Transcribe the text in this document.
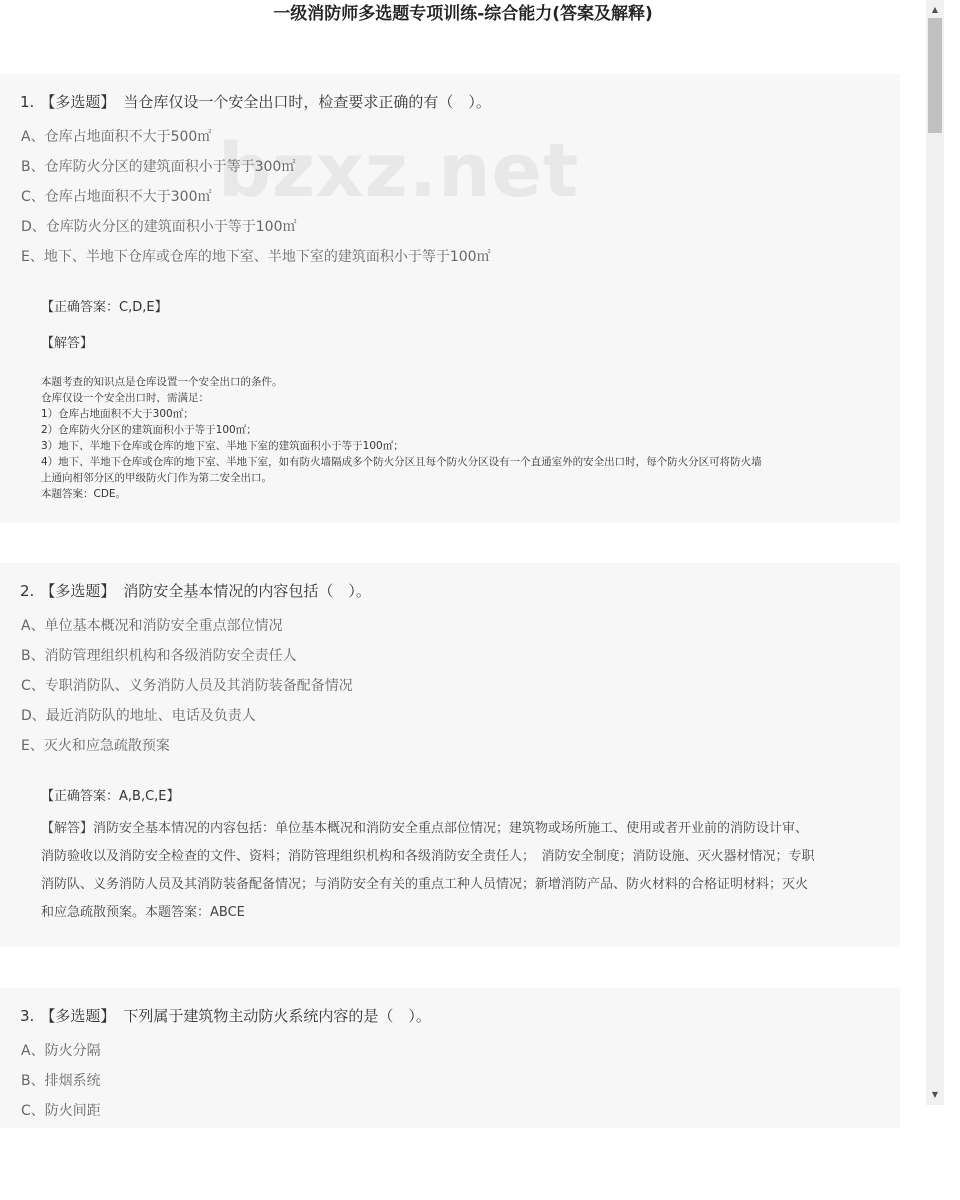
一级消防师多选题专项训练-综合能力(答案及解释)
1. 【多选题】 当仓库仅设一个安全出口时，检查要求正确的有（　）。
A、仓库占地面积不大于500㎡
B、仓库防火分区的建筑面积小于等于300㎡
C、仓库占地面积不大于300㎡
D、仓库防火分区的建筑面积小于等于100㎡
E、地下、半地下仓库或仓库的地下室、半地下室的建筑面积小于等于100㎡
【正确答案：C,D,E】
【解答】
本题考查的知识点是仓库设置一个安全出口的条件。
仓库仅设一个安全出口时，需满足：
1）仓库占地面积不大于300㎡；
2）仓库防火分区的建筑面积小于等于100㎡；
3）地下、半地下仓库或仓库的地下室、半地下室的建筑面积小于等于100㎡；
4）地下、半地下仓库或仓库的地下室、半地下室，如有防火墙隔成多个防火分区且每个防火分区设有一个直通室外的安全出口时，每个防火分区可将防火墙
上通向相邻分区的甲级防火门作为第二安全出口。
本题答案：CDE。
2. 【多选题】 消防安全基本情况的内容包括（　）。
A、单位基本概况和消防安全重点部位情况
B、消防管理组织机构和各级消防安全责任人
C、专职消防队、义务消防人员及其消防装备配备情况
D、最近消防队的地址、电话及负责人
E、灭火和应急疏散预案
【正确答案：A,B,C,E】
【解答】消防安全基本情况的内容包括：单位基本概况和消防安全重点部位情况；建筑物或场所施工、使用或者开业前的消防设计审、
消防验收以及消防安全检查的文件、资料；消防管理组织机构和各级消防安全责任人；　消防安全制度；消防设施、灭火器材情况；专职
消防队、义务消防人员及其消防装备配备情况；与消防安全有关的重点工种人员情况；新增消防产品、防火材料的合格证明材料；灭火
和应急疏散预案。本题答案：ABCE
3. 【多选题】 下列属于建筑物主动防火系统内容的是（　）。
A、防火分隔
B、排烟系统
C、防火间距
bzxz.net
▲
▼
